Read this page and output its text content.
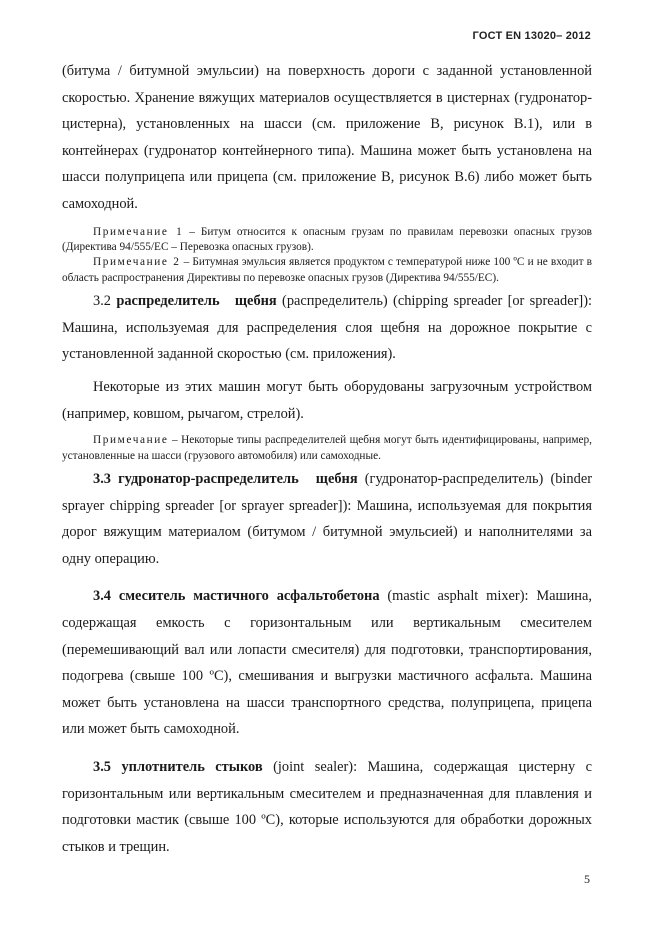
ГОСТ EN 13020– 2012

(битума / битумной эмульсии) на поверхность дороги с заданной установленной скоростью. Хранение вяжущих материалов осуществляется в цистернах (гудронатор-цистерна), установленных на шасси (см. приложение В, рисунок В.1), или в контейнерах (гудронатор контейнерного типа). Машина может быть установлена на шасси полуприцепа или прицепа (см. приложение В, рисунок В.6) либо может быть самоходной.

Примечание 1 – Битум относится к опасным грузам по правилам перевозки опасных грузов (Директива 94/555/ЕС – Перевозка опасных грузов).

Примечание 2 – Битумная эмульсия является продуктом с температурой ниже 100 ºС и не входит в область распространения Директивы по перевозке опасных грузов (Директива 94/555/ЕС).

3.2 распределитель щебня (распределитель) (chipping spreader [or spreader]): Машина, используемая для распределения слоя щебня на дорожное покрытие с установленной заданной скоростью (см. приложения).

Некоторые из этих машин могут быть оборудованы загрузочным устройством (например, ковшом, рычагом, стрелой).

Примечание – Некоторые типы распределителей щебня могут быть идентифицированы, например, установленные на шасси (грузового автомобиля) или самоходные.

3.3 гудронатор-распределитель щебня (гудронатор-распределитель) (binder sprayer chipping spreader [or sprayer spreader]): Машина, используемая для покрытия дорог вяжущим материалом (битумом / битумной эмульсией) и наполнителями за одну операцию.

3.4 смеситель мастичного асфальтобетона (mastic asphalt mixer): Машина, содержащая емкость с горизонтальным или вертикальным смесителем (перемешивающий вал или лопасти смесителя) для подготовки, транспортирования, подогрева (свыше 100 ºС), смешивания и выгрузки мастичного асфальта. Машина может быть установлена на шасси транспортного средства, полуприцепа, прицепа или может быть самоходной.

3.5 уплотнитель стыков (joint sealer): Машина, содержащая цистерну с горизонтальным или вертикальным смесителем и предназначенная для плавления и подготовки мастик (свыше 100 ºС), которые используются для обработки дорожных стыков и трещин.

5
